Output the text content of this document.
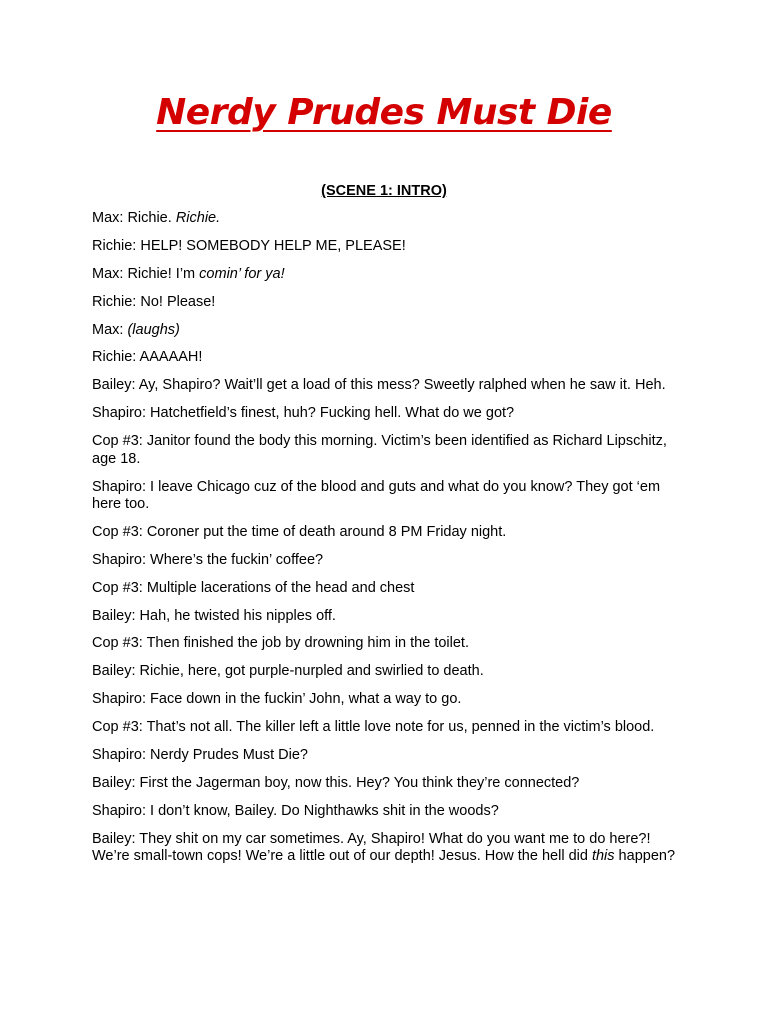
Nerdy Prudes Must Die

(SCENE 1: INTRO)

Max: Richie. Richie.

Richie: HELP! SOMEBODY HELP ME, PLEASE!

Max: Richie! I’m comin’ for ya!

Richie: No! Please!

Max: (laughs)

Richie: AAAAAH!

Bailey: Ay, Shapiro? Wait’ll get a load of this mess? Sweetly ralphed when he saw it. Heh.

Shapiro: Hatchetfield’s finest, huh? Fucking hell. What do we got?

Cop #3: Janitor found the body this morning. Victim’s been identified as Richard Lipschitz, age 18.

Shapiro: I leave Chicago cuz of the blood and guts and what do you know? They got ‘em here too.

Cop #3: Coroner put the time of death around 8 PM Friday night.

Shapiro: Where’s the fuckin’ coffee?

Cop #3: Multiple lacerations of the head and chest

Bailey: Hah, he twisted his nipples off.

Cop #3: Then finished the job by drowning him in the toilet.

Bailey: Richie, here, got purple-nurpled and swirlied to death.

Shapiro: Face down in the fuckin’ John, what a way to go.

Cop #3: That’s not all. The killer left a little love note for us, penned in the victim’s blood.

Shapiro: Nerdy Prudes Must Die?

Bailey: First the Jagerman boy, now this. Hey? You think they’re connected?

Shapiro: I don’t know, Bailey. Do Nighthawks shit in the woods?

Bailey: They shit on my car sometimes. Ay, Shapiro! What do you want me to do here?! We’re small-town cops! We’re a little out of our depth! Jesus. How the hell did this happen?
